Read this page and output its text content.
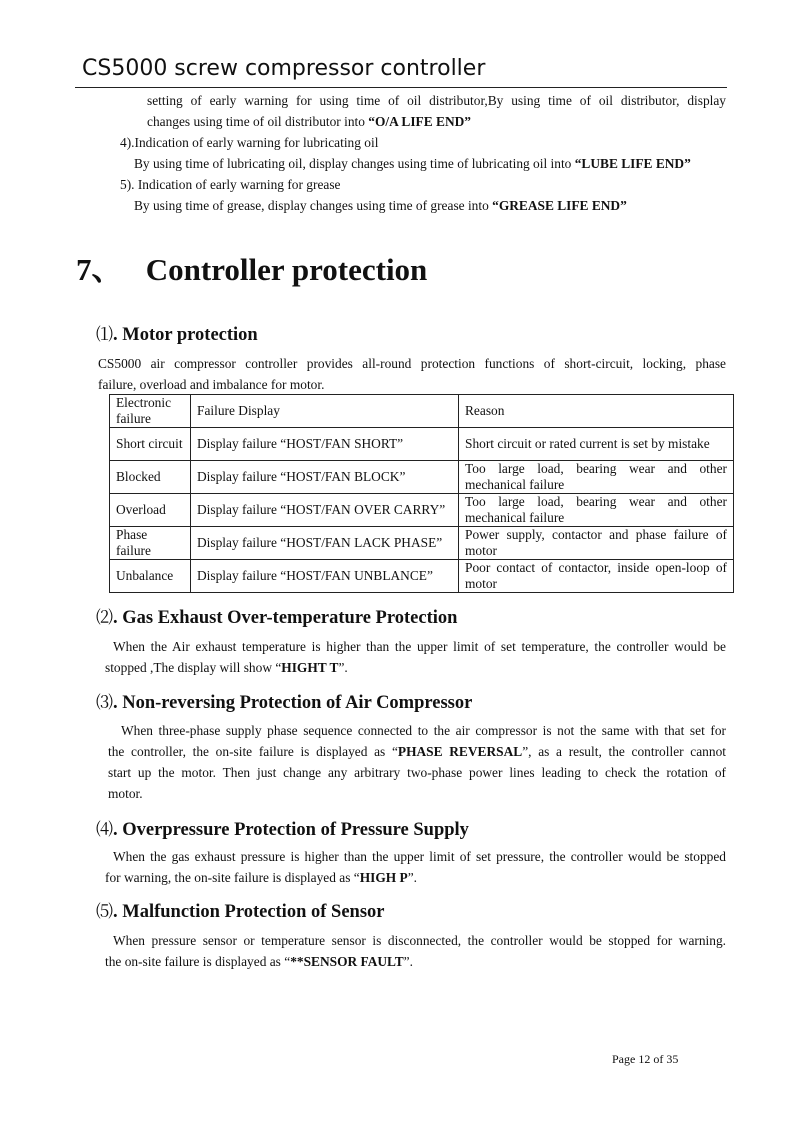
CS5000 screw compressor controller
setting of early warning for using time of oil distributor,By using time of oil distributor, display
changes using time of oil distributor into “O/A LIFE END”
4).Indication of early warning for lubricating oil
By using time of lubricating oil, display changes using time of lubricating oil into “LUBE LIFE END”
5). Indication of early warning for grease
By using time of grease, display changes using time of grease into “GREASE LIFE END”
7、   Controller protection
⑴. Motor protection
CS5000 air compressor controller provides all-round protection functions of short-circuit, locking, phase
failure, overload and imbalance for motor.
Electronic failure	Failure Display	Reason
Short circuit	Display failure “HOST/FAN SHORT”	Short circuit or rated current is set by mistake
Blocked	Display failure “HOST/FAN BLOCK”	Too large load, bearing wear and other mechanical failure
Overload	Display failure “HOST/FAN OVER CARRY”	Too large load, bearing wear and other mechanical failure
Phase failure	Display failure “HOST/FAN LACK PHASE”	Power supply, contactor and phase failure of motor
Unbalance	Display failure “HOST/FAN UNBLANCE”	Poor contact of contactor, inside open-loop of motor
⑵. Gas Exhaust Over-temperature Protection
When the Air exhaust temperature is higher than the upper limit of set temperature, the controller would be
stopped ,The display will show “HIGHT T”.
⑶. Non-reversing Protection of Air Compressor
When three-phase supply phase sequence connected to the air compressor is not the same with that set for
the controller, the on-site failure is displayed as “PHASE REVERSAL”, as a result, the controller cannot
start up the motor. Then just change any arbitrary two-phase power lines leading to check the rotation of
motor.
⑷. Overpressure Protection of Pressure Supply
When the gas exhaust pressure is higher than the upper limit of set pressure, the controller would be stopped
for warning, the on-site failure is displayed as “HIGH P”.
⑸. Malfunction Protection of Sensor
When pressure sensor or temperature sensor is disconnected, the controller would be stopped for warning.
the on-site failure is displayed as “**SENSOR FAULT”.
Page 12 of 35
